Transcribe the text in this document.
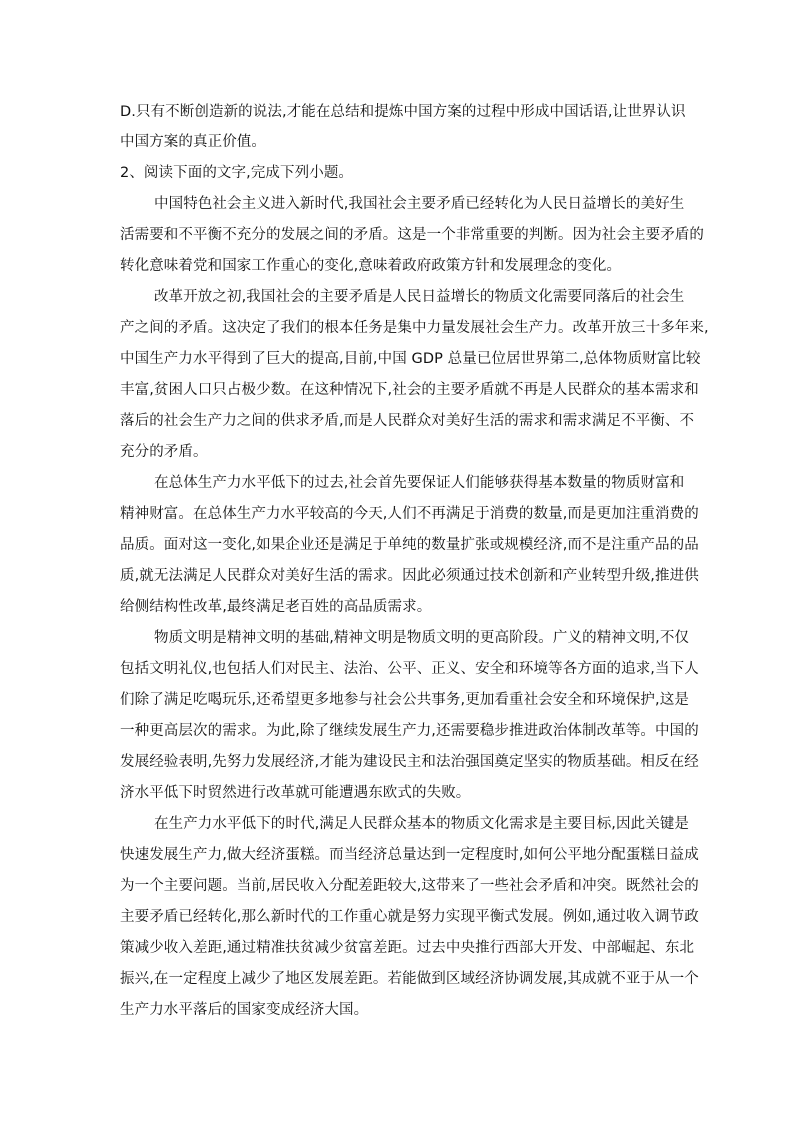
D.只有不断创造新的说法,才能在总结和提炼中国方案的过程中形成中国话语,让世界认识
中国方案的真正价值。
2、阅读下面的文字,完成下列小题。
中国特色社会主义进入新时代,我国社会主要矛盾已经转化为人民日益增长的美好生
活需要和不平衡不充分的发展之间的矛盾。这是一个非常重要的判断。因为社会主要矛盾的
转化意味着党和国家工作重心的变化,意味着政府政策方针和发展理念的变化。
改革开放之初,我国社会的主要矛盾是人民日益增长的物质文化需要同落后的社会生
产之间的矛盾。这决定了我们的根本任务是集中力量发展社会生产力。改革开放三十多年来,
中国生产力水平得到了巨大的提高,目前,中国 GDP 总量已位居世界第二,总体物质财富比较
丰富,贫困人口只占极少数。在这种情况下,社会的主要矛盾就不再是人民群众的基本需求和
落后的社会生产力之间的供求矛盾,而是人民群众对美好生活的需求和需求满足不平衡、不
充分的矛盾。
在总体生产力水平低下的过去,社会首先要保证人们能够获得基本数量的物质财富和
精神财富。在总体生产力水平较高的今天,人们不再满足于消费的数量,而是更加注重消费的
品质。面对这一变化,如果企业还是满足于单纯的数量扩张或规模经济,而不是注重产品的品
质,就无法满足人民群众对美好生活的需求。因此必须通过技术创新和产业转型升级,推进供
给侧结构性改革,最终满足老百姓的高品质需求。
物质文明是精神文明的基础,精神文明是物质文明的更高阶段。广义的精神文明,不仅
包括文明礼仪,也包括人们对民主、法治、公平、正义、安全和环境等各方面的追求,当下人
们除了满足吃喝玩乐,还希望更多地参与社会公共事务,更加看重社会安全和环境保护,这是
一种更高层次的需求。为此,除了继续发展生产力,还需要稳步推进政治体制改革等。中国的
发展经验表明,先努力发展经济,才能为建设民主和法治强国奠定坚实的物质基础。相反在经
济水平低下时贸然进行改革就可能遭遇东欧式的失败。
在生产力水平低下的时代,满足人民群众基本的物质文化需求是主要目标,因此关键是
快速发展生产力,做大经济蛋糕。而当经济总量达到一定程度时,如何公平地分配蛋糕日益成
为一个主要问题。当前,居民收入分配差距较大,这带来了一些社会矛盾和冲突。既然社会的
主要矛盾已经转化,那么新时代的工作重心就是努力实现平衡式发展。例如,通过收入调节政
策减少收入差距,通过精准扶贫减少贫富差距。过去中央推行西部大开发、中部崛起、东北
振兴,在一定程度上减少了地区发展差距。若能做到区域经济协调发展,其成就不亚于从一个
生产力水平落后的国家变成经济大国。
